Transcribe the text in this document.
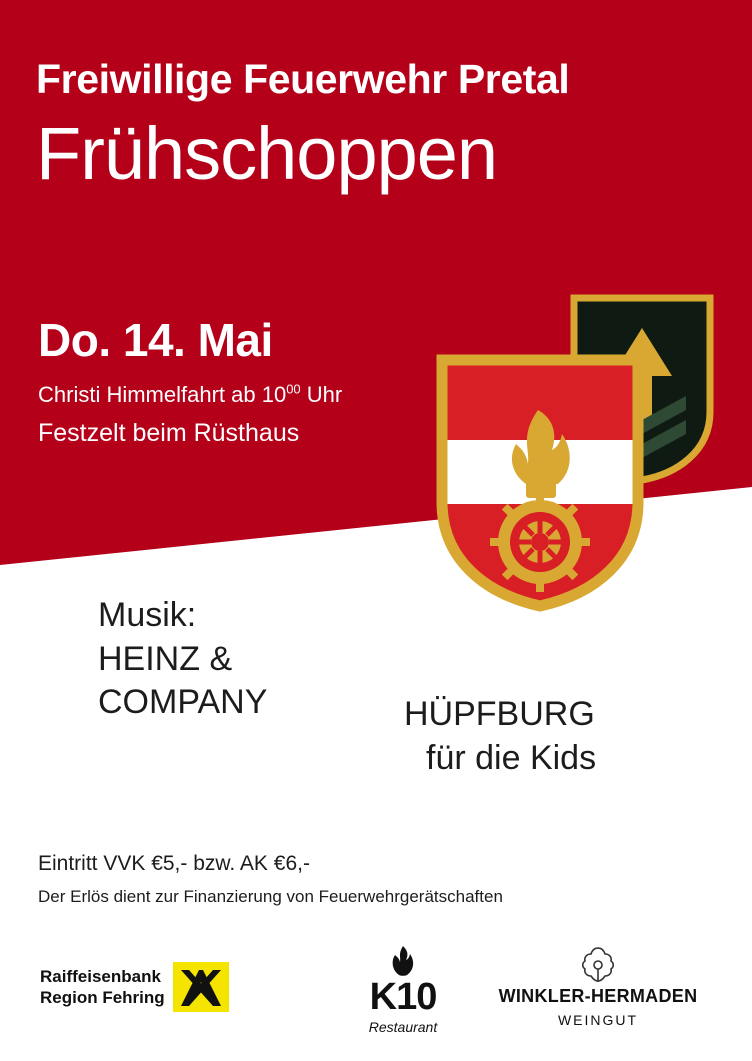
Freiwillige Feuerwehr Pretal
Frühschoppen
Do. 14. Mai
Christi Himmelfahrt ab $10^{00}$ Uhr
Festzelt beim Rüsthaus
Musik:
HEINZ &
COMPANY	HÜPFBURG
für die Kids
Eintritt VVK €5,- bzw. AK €6,-
Der Erlös dient zur Finanzierung von Feuerwehrgerätschaften
Raiffeisenbank
Region Fehring	K10
Restaurant
WINKLER-HERMADEN
WEINGUT
